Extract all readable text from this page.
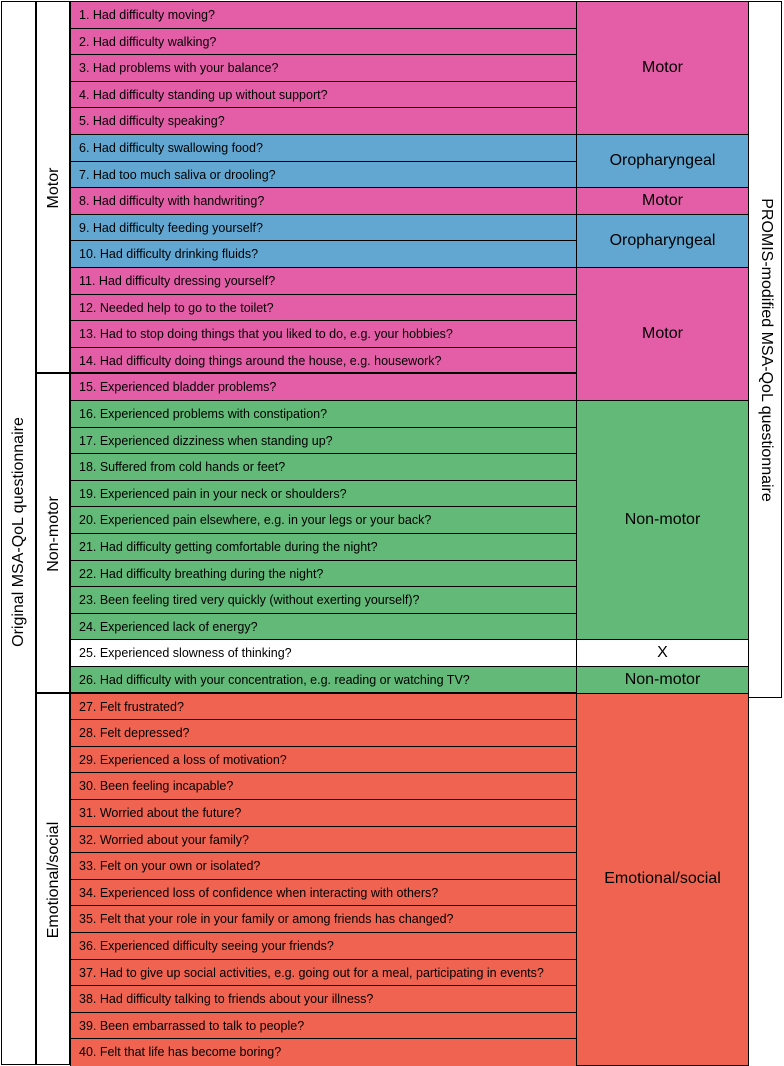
Original MSA-QoL questionnaire
Motor
Non-motor
Emotional/social
1. Had difficulty moving?
2. Had difficulty walking?
3. Had problems with your balance?
4. Had difficulty standing up without support?
5. Had difficulty speaking?
6. Had difficulty swallowing food?
7. Had too much saliva or drooling?
8. Had difficulty with handwriting?
9. Had difficulty feeding yourself?
10. Had difficulty drinking fluids?
11. Had difficulty dressing yourself?
12. Needed help to go to the toilet?
13. Had to stop doing things that you liked to do, e.g. your hobbies?
14. Had difficulty doing things around the house, e.g. housework?
15. Experienced bladder problems?
16. Experienced problems with constipation?
17. Experienced dizziness when standing up?
18. Suffered from cold hands or feet?
19. Experienced pain in your neck or shoulders?
20. Experienced pain elsewhere, e.g. in your legs or your back?
21. Had difficulty getting comfortable during the night?
22. Had difficulty breathing during the night?
23. Been feeling tired very quickly (without exerting yourself)?
24. Experienced lack of energy?
25. Experienced slowness of thinking?
26. Had difficulty with your concentration, e.g. reading or watching TV?
27. Felt frustrated?
28. Felt depressed?
29. Experienced a loss of motivation?
30. Been feeling incapable?
31. Worried about the future?
32. Worried about your family?
33. Felt on your own or isolated?
34. Experienced loss of confidence when interacting with others?
35. Felt that your role in your family or among friends has changed?
36. Experienced difficulty seeing your friends?
37. Had to give up social activities, e.g. going out for a meal, participating in events?
38. Had difficulty talking to friends about your illness?
39. Been embarrassed to talk to people?
40. Felt that life has become boring?
Motor
Oropharyngeal
Motor
Oropharyngeal
Motor
Non-motor
X
Non-motor
Emotional/social
PROMIS-modified MSA-QoL questionnaire
